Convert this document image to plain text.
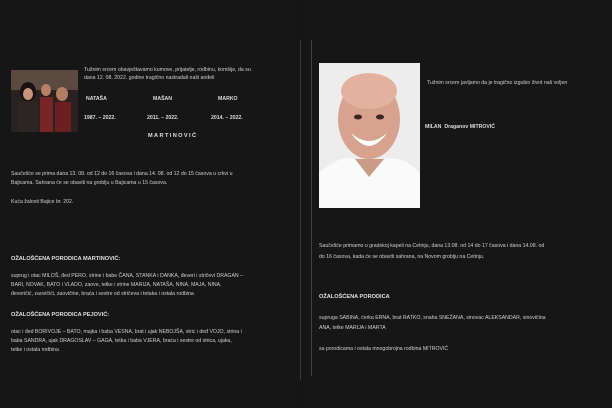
Tužnim srcem obavještavamo kumove, prijatelje, rodbinu, komšije, da su
dana 12. 08. 2022. godine tragično nastradali naši anđeli
NATAŠA	MAŠAN	MARKO
1987. – 2022.	2011. – 2022.	2014. – 2022.
MARTINOVIĆ
Saučešće se prima dana 13. 08. od 12 do 16 časova i dana 14. 08. od 12 do 15 časova u crkvi u
Bajicama. Sahrana će se obaviti na groblju u Bajicama u 15 časova.
Kuća žalosti Bajice br. 202.
OŽALOŠĆENA PORODICA MARTINOVIĆ:
suprug i otac MILOŠ, đed PERO, strine i babe ČANA, STANKA i DANKA, đeveri i stričevi DRAGAN –
BARI, NOVAK, BATO i VLADO, zaove, tetke i strine MARIJA, NATAŠA, NINA, MAJA, NINA,
đeveričić, zaovičići, zaovičine, braća i sestre od stričeva i tetaka i ostala rodbina
OŽALOŠĆENA PORODICA PEJOVIĆ:
otac i đed BORIVOJE – BATO, majka i baba VESNA, brat i ujak NEBOJŠA, stric i deđ VOJO, strina i
baba SANDRA, ujak DRAGOSLAV – GAGA, tetka i baba VJERA, braća i sestre od strica, ujaka,
tetke i ostala rodbina
Tužnim srcem javljamo da je tragično izgubio život naš voljen
MILAN Draganov MITROVIĆ
Saučešće primamo u gradskoj kapeli na Cetinju, dana 13.08. od 14 do 17 časova i dana 14.08. od
do 16 časova, kada će se obaviti sahrana, na Novom groblju na Cetinju.
OŽALOŠĆENA PORODICA
supruga SABINA, ćerka ERNA, brat RATKO, snaha SNEŽANA, sinovac ALEKSANDAR, sinovičina
ANA, tetke MARIJA i MARTA
sa porodicama i ostala mnogobrojna rodbina MITROVIĆ
